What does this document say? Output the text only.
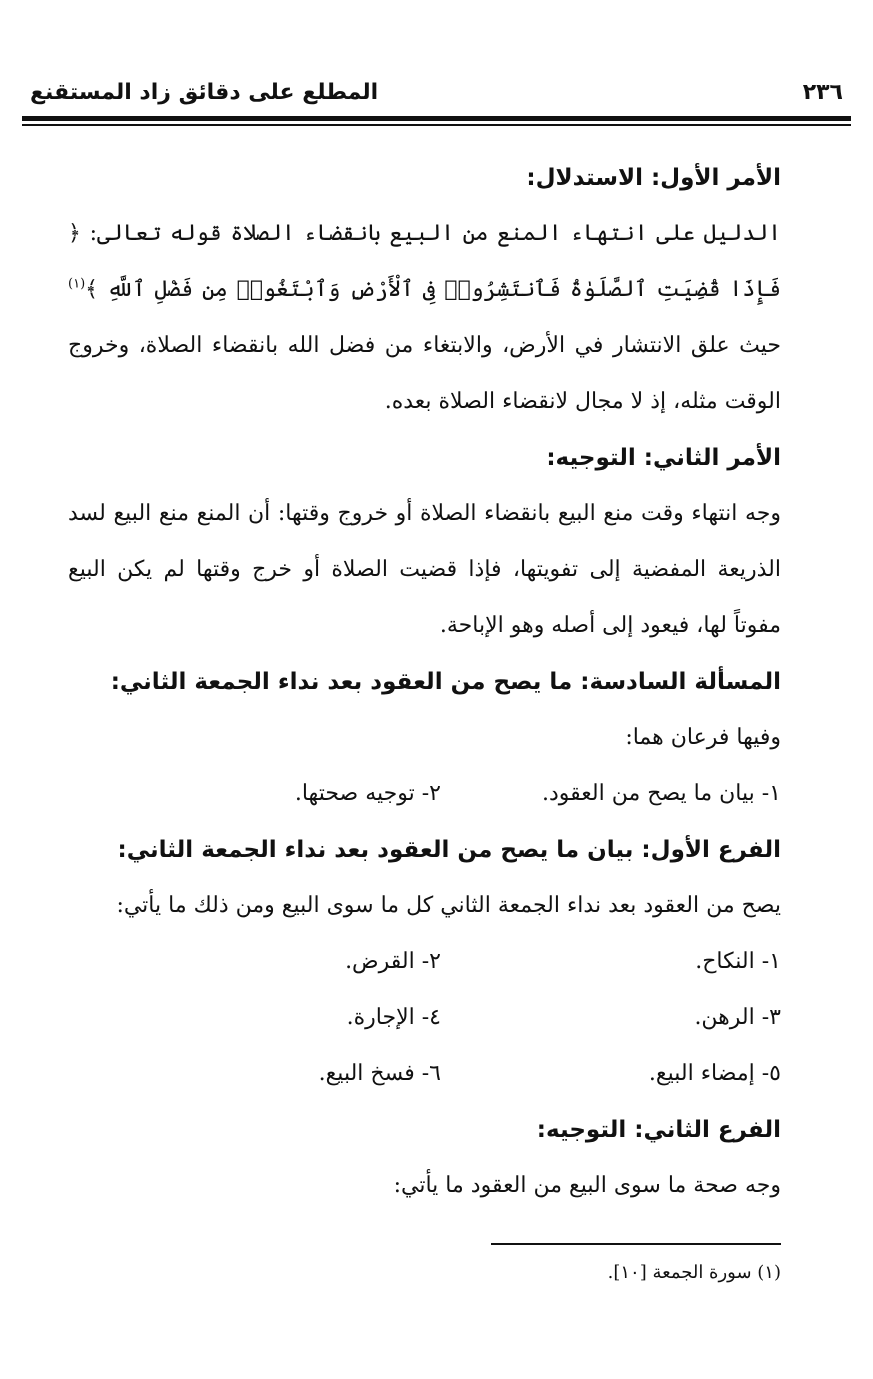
٢٣٦
المطلع على دقائق زاد المستقنع
الأمر الأول: الاستدلال:
الدليل على انتهاء المنع من البيع بانقضاء الصلاة قوله تعالى: ﴿ فَإِذَا قُضِيَتِ ٱلصَّلَوٰةُ فَٱنتَشِرُوا۟ فِى ٱلْأَرْضِ وَٱبْتَغُوا۟ مِن فَضْلِ ٱللَّهِ ﴾$^{(١)}$ حيث علق الانتشار في الأرض، والابتغاء من فضل الله بانقضاء الصلاة، وخروج الوقت مثله، إذ لا مجال لانقضاء الصلاة بعده.
الأمر الثاني: التوجيه:
وجه انتهاء وقت منع البيع بانقضاء الصلاة أو خروج وقتها: أن المنع منع البيع لسد الذريعة المفضية إلى تفويتها، فإذا قضيت الصلاة أو خرج وقتها لم يكن البيع مفوتاً لها، فيعود إلى أصله وهو الإباحة.
المسألة السادسة: ما يصح من العقود بعد نداء الجمعة الثاني:
وفيها فرعان هما:
١- بيان ما يصح من العقود.
٢- توجيه صحتها.
الفرع الأول: بيان ما يصح من العقود بعد نداء الجمعة الثاني:
يصح من العقود بعد نداء الجمعة الثاني كل ما سوى البيع ومن ذلك ما يأتي:
١- النكاح.
٢- القرض.
٣- الرهن.
٤- الإجارة.
٥- إمضاء البيع.
٦- فسخ البيع.
الفرع الثاني: التوجيه:
وجه صحة ما سوى البيع من العقود ما يأتي:
(١) سورة الجمعة [١٠].
